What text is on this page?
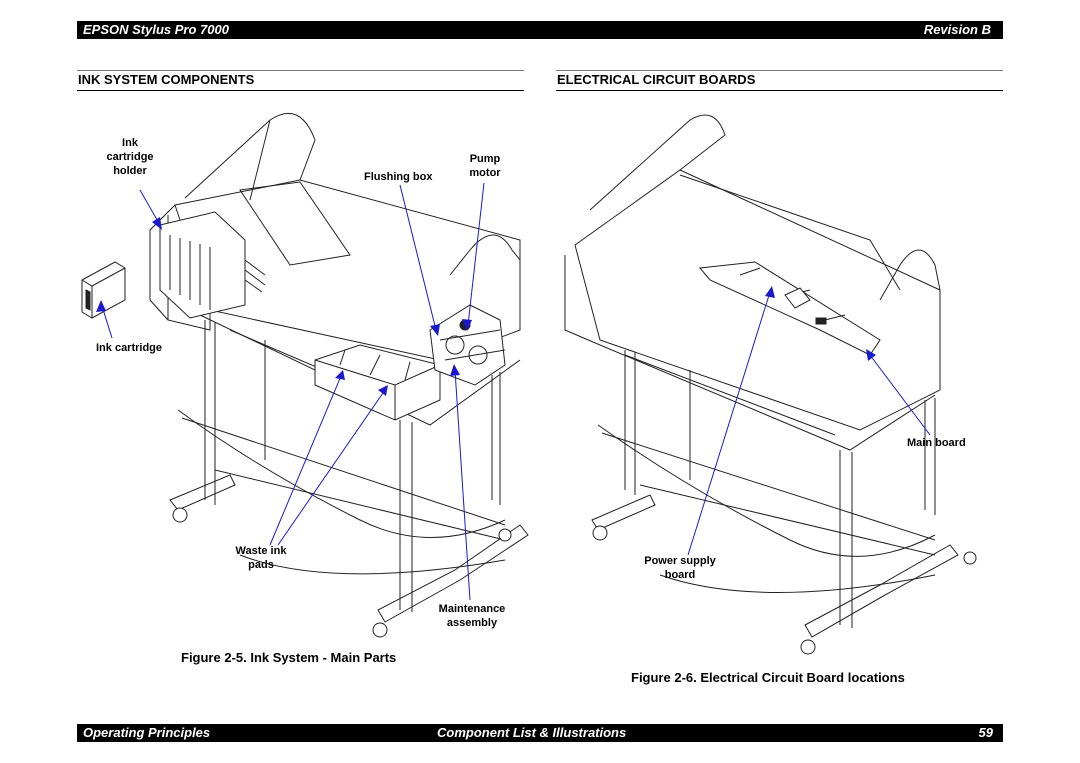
EPSON Stylus Pro 7000	Revision B
INK SYSTEM COMPONENTS	ELECTRICAL CIRCUIT BOARDS
Ink
cartridge
holder	Flushing box
Pump
motor
Ink cartridge
Waste ink
pads
Maintenance
assembly
Figure 2-5. Ink System - Main Parts
Main board
Power supply
board
Figure 2-6. Electrical Circuit Board locations
Operating Principles	Component List & Illustrations	59
